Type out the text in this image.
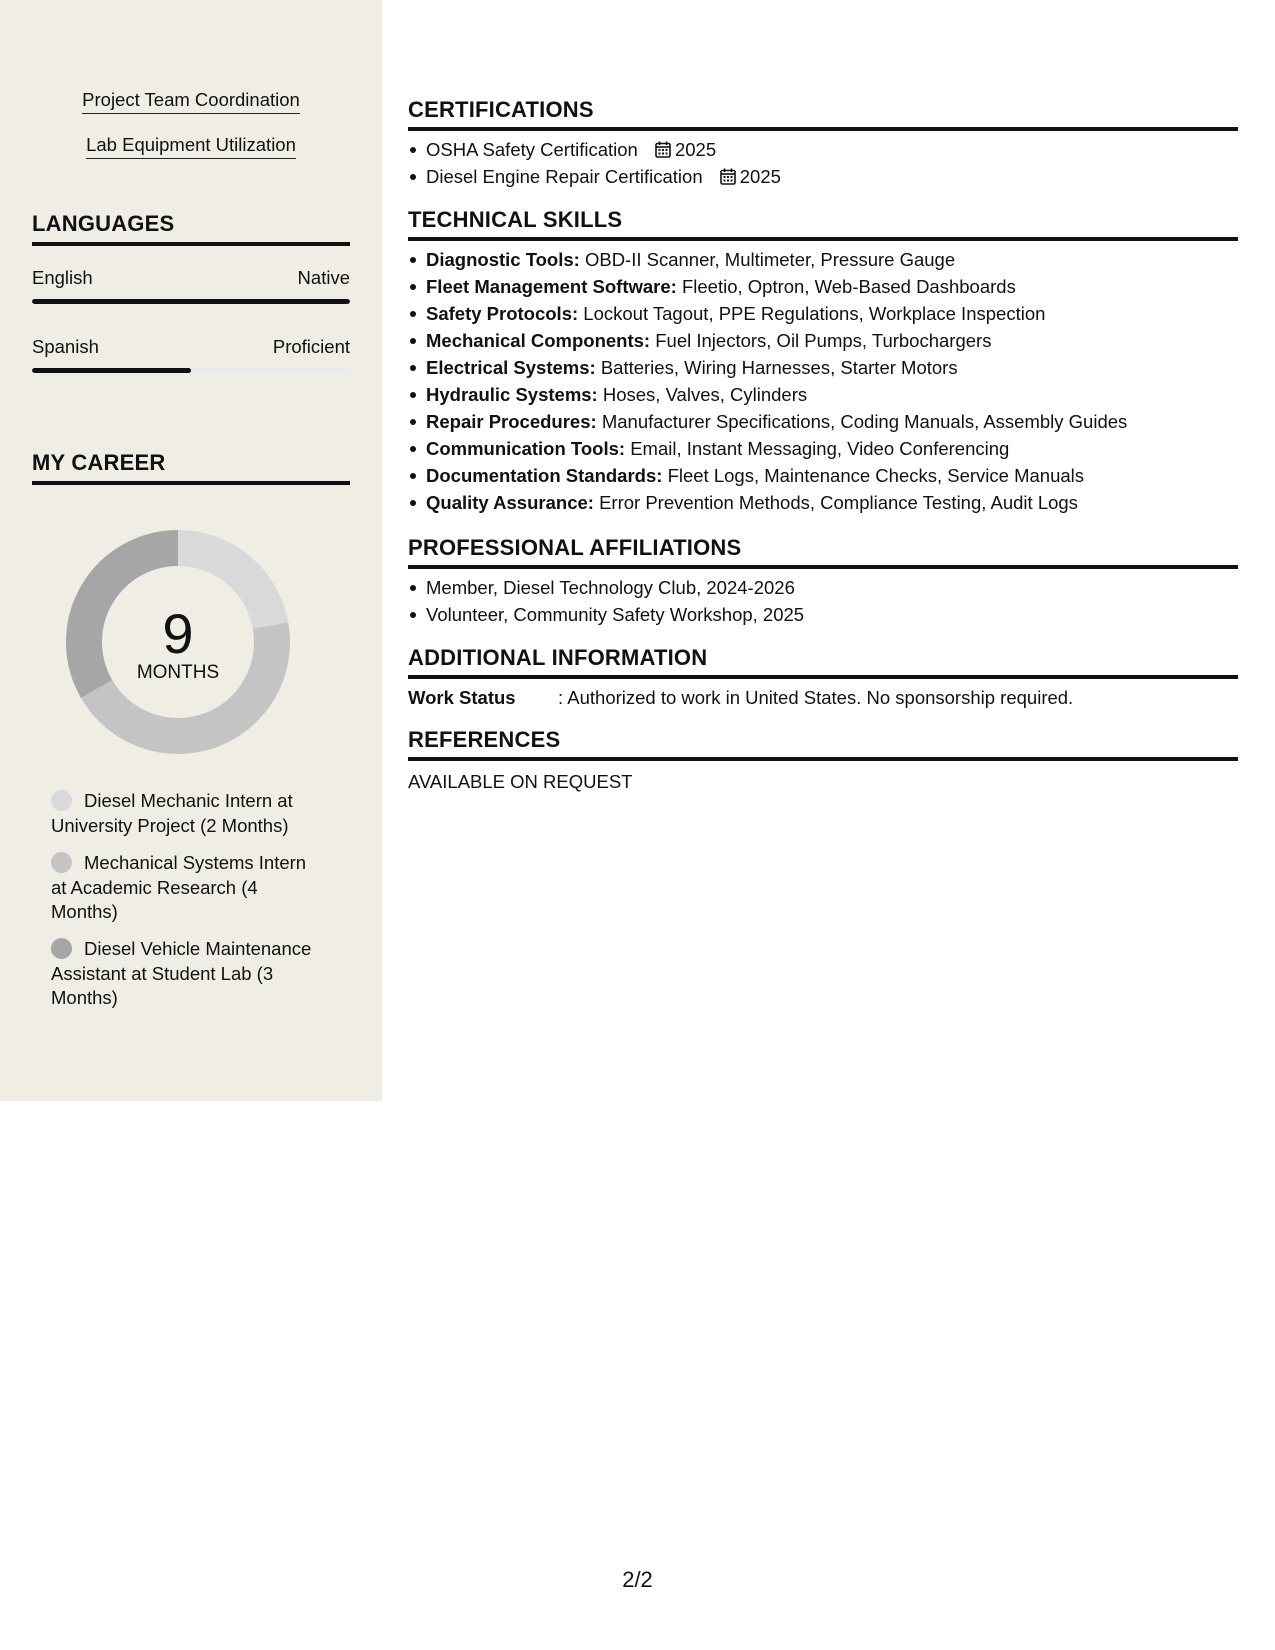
Project Team Coordination
Lab Equipment Utilization
LANGUAGES
English	Native
Spanish	Proficient
MY CAREER
9
MONTHS
Diesel Mechanic Intern at University Project (2 Months)
Mechanical Systems Intern at Academic Research (4 Months)
Diesel Vehicle Maintenance Assistant at Student Lab (3 Months)
CERTIFICATIONS
OSHA Safety Certification 2025
Diesel Engine Repair Certification 2025
TECHNICAL SKILLS
Diagnostic Tools: OBD-II Scanner, Multimeter, Pressure Gauge
Fleet Management Software: Fleetio, Optron, Web-Based Dashboards
Safety Protocols: Lockout Tagout, PPE Regulations, Workplace Inspection
Mechanical Components: Fuel Injectors, Oil Pumps, Turbochargers
Electrical Systems: Batteries, Wiring Harnesses, Starter Motors
Hydraulic Systems: Hoses, Valves, Cylinders
Repair Procedures: Manufacturer Specifications, Coding Manuals, Assembly Guides
Communication Tools: Email, Instant Messaging, Video Conferencing
Documentation Standards: Fleet Logs, Maintenance Checks, Service Manuals
Quality Assurance: Error Prevention Methods, Compliance Testing, Audit Logs
PROFESSIONAL AFFILIATIONS
Member, Diesel Technology Club, 2024-2026
Volunteer, Community Safety Workshop, 2025
ADDITIONAL INFORMATION
Work Status : Authorized to work in United States. No sponsorship required.
REFERENCES
AVAILABLE ON REQUEST
2/2
